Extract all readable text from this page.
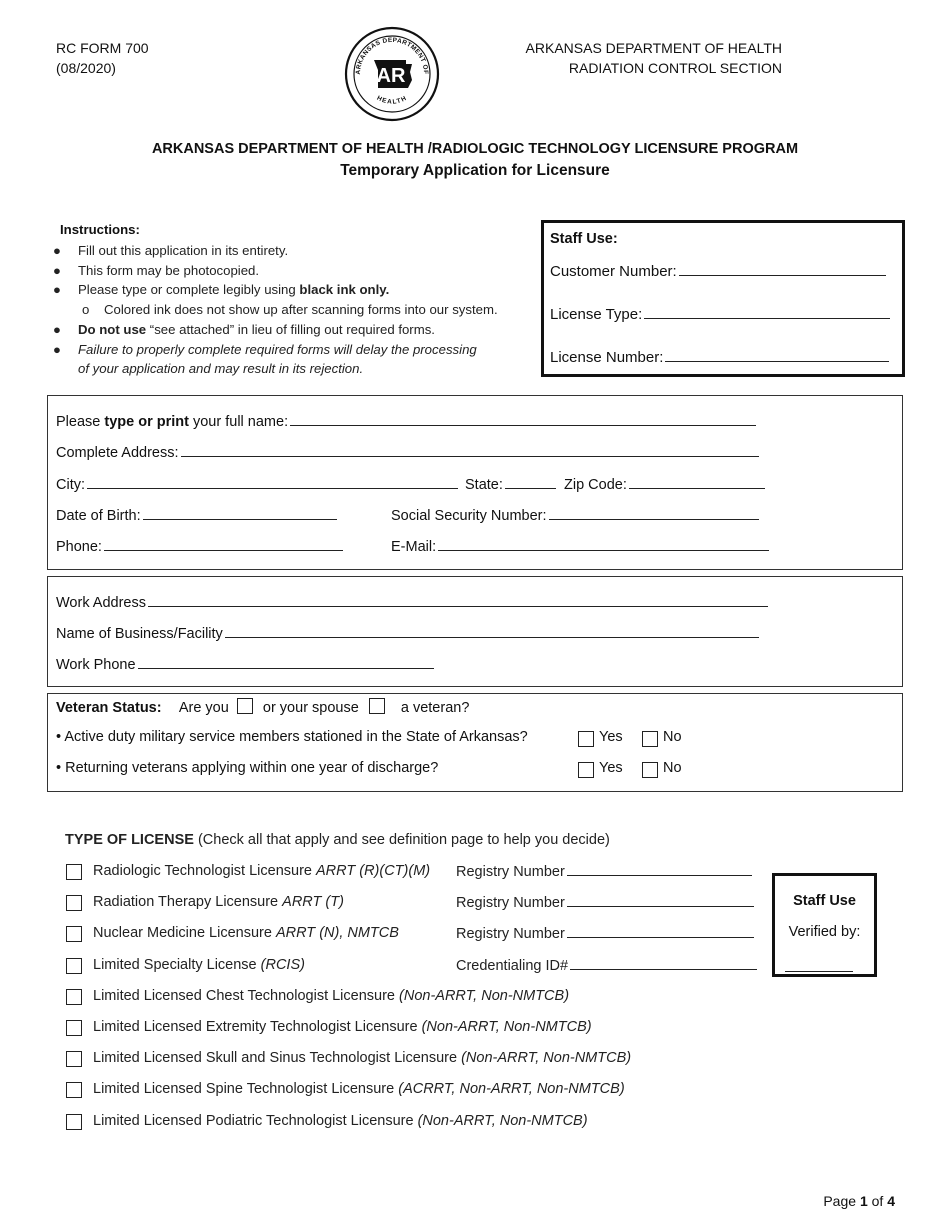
RC FORM 700
(08/2020)
ARKANSAS DEPARTMENT OF HEALTH
RADIATION CONTROL SECTION
ARKANSAS DEPARTMENT OF
HEALTH
AR
ARKANSAS DEPARTMENT OF HEALTH /RADIOLOGIC TECHNOLOGY LICENSURE PROGRAM
Temporary Application for Licensure
Instructions:
● Fill out this application in its entirety.
● This form may be photocopied.
● Please type or complete legibly using black ink only.
o Colored ink does not show up after scanning forms into our system.
● Do not use “see attached” in lieu of filling out required forms.
● Failure to properly complete required forms will delay the processing
of your application and may result in its rejection.
Staff Use:
Customer Number:
License Type:
License Number:
Please type or print your full name:
Complete Address:
City:	State:	Zip Code:
Date of Birth:	Social Security Number:
Phone:	E-Mail:
Work Address
Name of Business/Facility
Work Phone
Veteran Status: Are you or your spouse	a veteran?
• Active duty military service members stationed in the State of Arkansas?	Yes	No
• Returning veterans applying within one year of discharge?	Yes	No
TYPE OF LICENSE (Check all that apply and see definition page to help you decide)
Radiologic Technologist Licensure ARRT (R)(CT)(M) Registry Number
Radiation Therapy Licensure ARRT (T)	Registry Number
Nuclear Medicine Licensure ARRT (N), NMTCB	Registry Number
Limited Specialty License (RCIS)	Credentialing ID#
Limited Licensed Chest Technologist Licensure (Non-ARRT, Non-NMTCB)
Limited Licensed Extremity Technologist Licensure (Non-ARRT, Non-NMTCB)
Limited Licensed Skull and Sinus Technologist Licensure (Non-ARRT, Non-NMTCB)
Limited Licensed Spine Technologist Licensure (ACRRT, Non-ARRT, Non-NMTCB)
Limited Licensed Podiatric Technologist Licensure (Non-ARRT, Non-NMTCB)
Staff Use
Verified by:
Page 1 of 4
